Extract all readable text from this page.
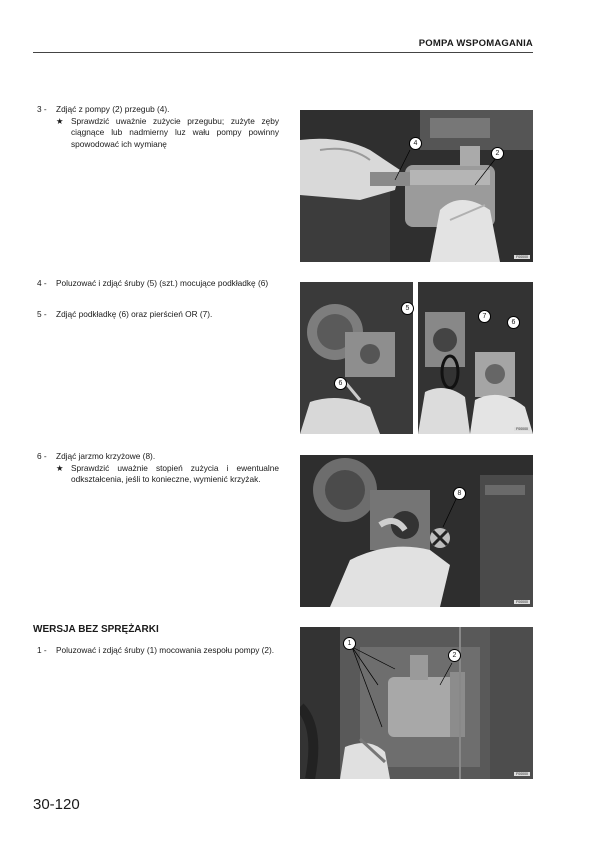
POMPA WSPOMAGANIA
3 -	Zdjąć z pompy (2) przegub (4).
★ Sprawdzić uważnie zużycie przegubu; zużyte zęby ciągnące lub nadmierny luz wału pompy powinny spowodować ich wymianę
4 -	Poluzować i zdjąć śruby (5) (szt.) mocujące podkładkę (6)
5 -	Zdjąć podkładkę (6) oraz pierścień OR (7).
6 -	Zdjąć jarzmo krzyżowe (8).
★ Sprawdzić uważnie stopień zużycia i ewentualne odkształcenia, jeśli to konieczne, wymienić krzyżak.
WERSJA BEZ SPRĘŻARKI
1 -	Poluzować i zdjąć śruby (1) mocowania zespołu pompy (2).
4
2
F00000
5
6
7
6
F00000
8
F00000
1
2
F00000
30-120
